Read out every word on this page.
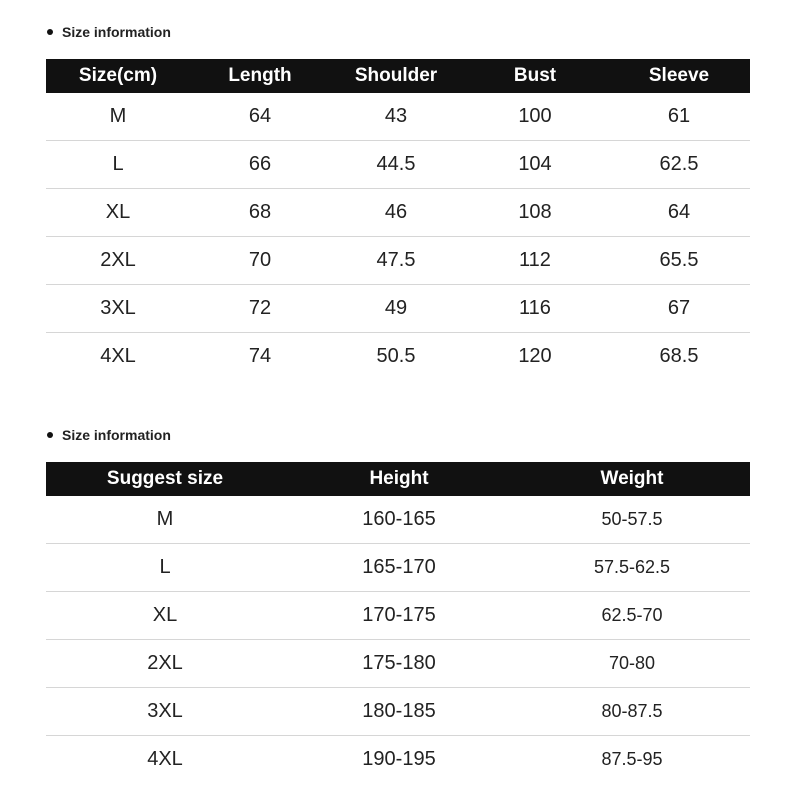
Size information
Size(cm)	Length	Shoulder	Bust	Sleeve
M	64	43	100	61
L	66	44.5	104	62.5
XL	68	46	108	64
2XL	70	47.5	112	65.5
3XL	72	49	116	67
4XL	74	50.5	120	68.5
Size information
Suggest size	Height	Weight
M	160-165	50-57.5
L	165-170	57.5-62.5
XL	170-175	62.5-70
2XL	175-180	70-80
3XL	180-185	80-87.5
4XL	190-195	87.5-95
